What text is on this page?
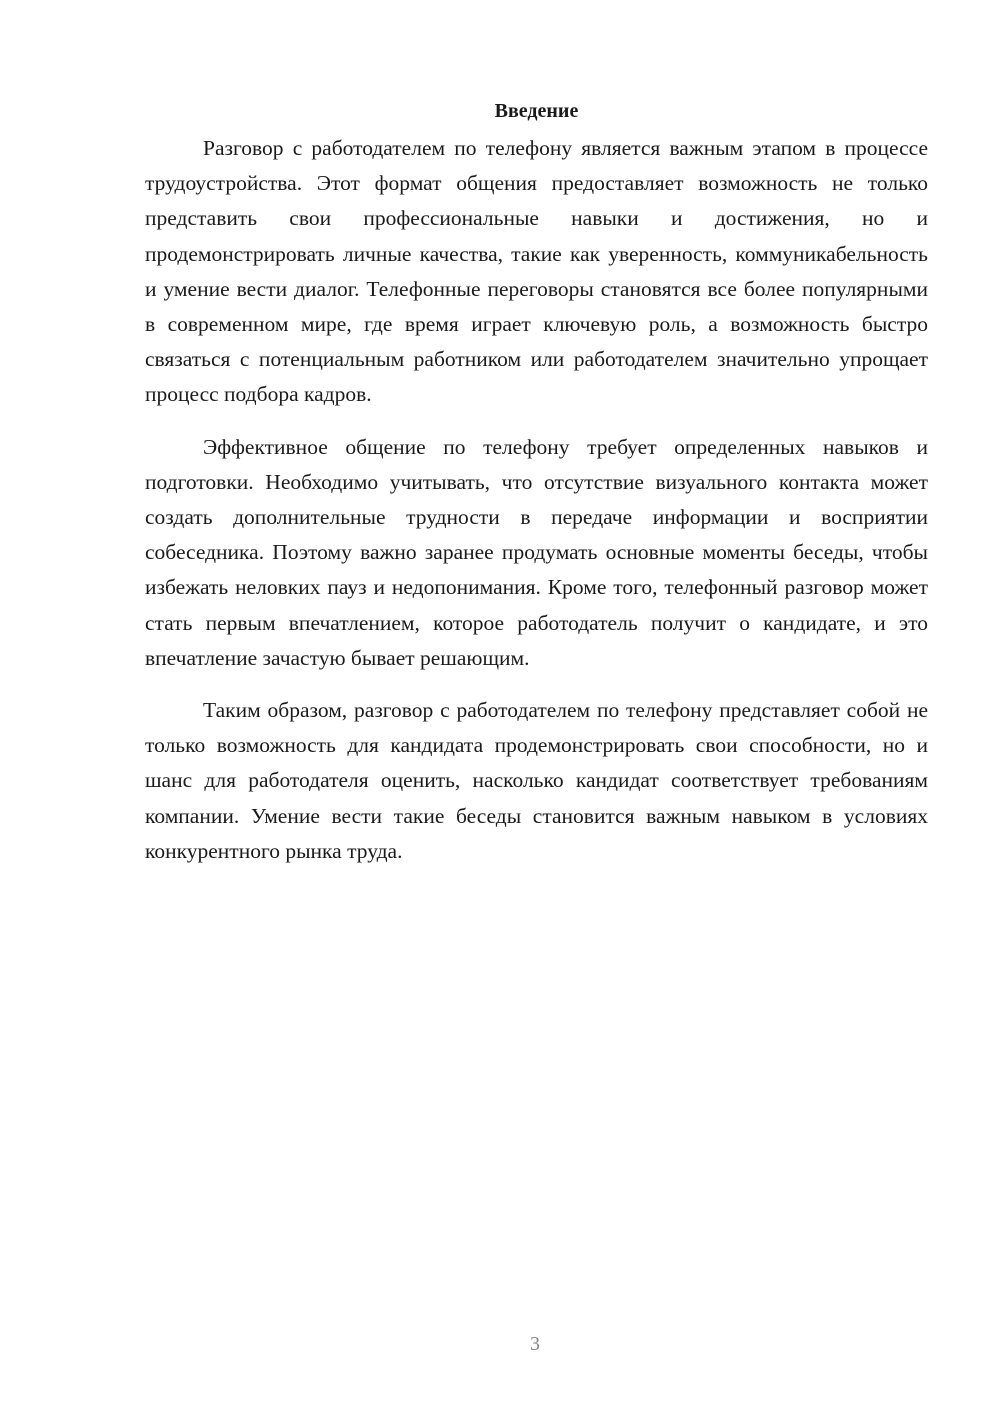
Введение

Разговор с работодателем по телефону является важным этапом в процессе трудоустройства. Этот формат общения предоставляет возможность не только представить свои профессиональные навыки и достижения, но и продемонстрировать личные качества, такие как уверенность, коммуникабельность и умение вести диалог. Телефонные переговоры становятся все более популярными в современном мире, где время играет ключевую роль, а возможность быстро связаться с потенциальным работником или работодателем значительно упрощает процесс подбора кадров.

Эффективное общение по телефону требует определенных навыков и подготовки. Необходимо учитывать, что отсутствие визуального контакта может создать дополнительные трудности в передаче информации и восприятии собеседника. Поэтому важно заранее продумать основные моменты беседы, чтобы избежать неловких пауз и недопонимания. Кроме того, телефонный разговор может стать первым впечатлением, которое работодатель получит о кандидате, и это впечатление зачастую бывает решающим.

Таким образом, разговор с работодателем по телефону представляет собой не только возможность для кандидата продемонстрировать свои способности, но и шанс для работодателя оценить, насколько кандидат соответствует требованиям компании. Умение вести такие беседы становится важным навыком в условиях конкурентного рынка труда.

3
